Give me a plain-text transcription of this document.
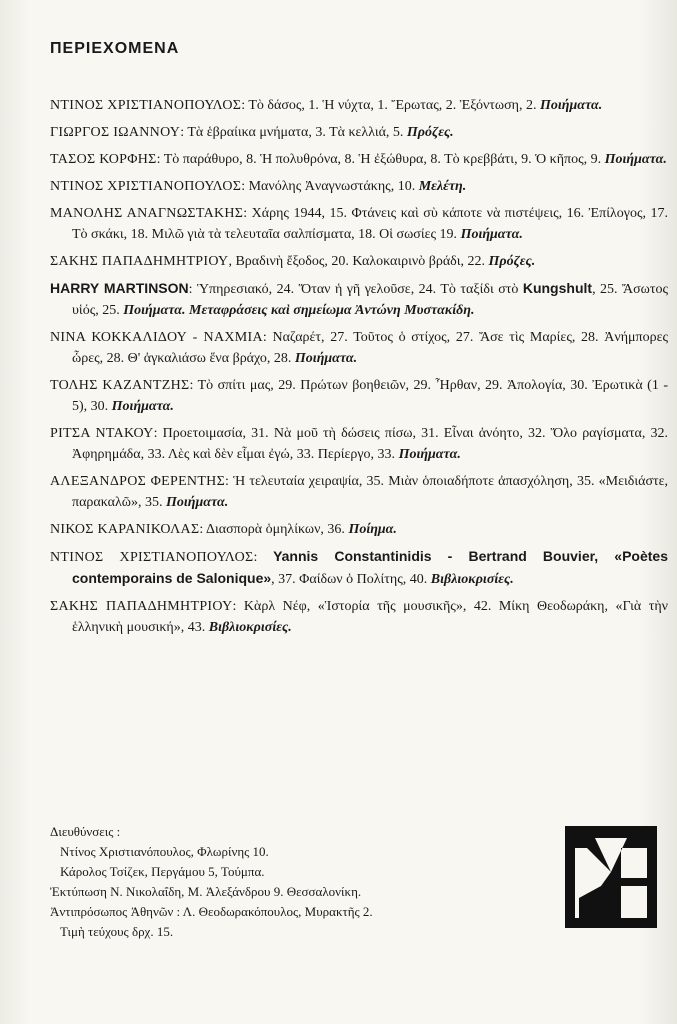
ΠΕΡΙΕΧΟΜΕΝΑ
ΝΤΙΝΟΣ ΧΡΙΣΤΙΑΝΟΠΟΥΛΟΣ: Τὸ δάσος, 1. Ἡ νύχτα, 1. Ἔρωτας, 2. Ἐξόντωση, 2. Ποιήματα.
ΓΙΩΡΓΟΣ ΙΩΑΝΝΟΥ: Τὰ ἑβραίικα μνήματα, 3. Τὰ κελλιά, 5. Πρόζες.
ΤΑΣΟΣ ΚΟΡΦΗΣ: Τὸ παράθυρο, 8. Ἡ πολυθρόνα, 8. Ἡ ἐξώθυρα, 8. Τὸ κρεββάτι, 9. Ὁ κῆπος, 9. Ποιήματα.
ΝΤΙΝΟΣ ΧΡΙΣΤΙΑΝΟΠΟΥΛΟΣ: Μανόλης Ἀναγνωστάκης, 10. Μελέτη.
ΜΑΝΟΛΗΣ ΑΝΑΓΝΩΣΤΑΚΗΣ: Χάρης 1944, 15. Φτάνεις καὶ σὺ κάποτε νὰ πιστέψεις, 16. Ἐπίλογος, 17. Τὸ σκάκι, 18. Μιλῶ γιὰ τὰ τελευταῖα σαλπίσματα, 18. Οἱ σωσίες 19. Ποιήματα.
ΣΑΚΗΣ ΠΑΠΑΔΗΜΗΤΡΙΟΥ, Βραδινὴ ἔξοδος, 20. Καλοκαιρινὸ βράδι, 22. Πρόζες.
HARRY MARTINSON: Ὑπηρεσιακό, 24. Ὅταν ἡ γῆ γελοῦσε, 24. Τὸ ταξίδι στὸ Kungshult, 25. Ἄσωτος υἱός, 25. Ποιήματα. Μεταφράσεις καὶ σημείωμα Ἀντώνη Μυστακίδη.
ΝΙΝΑ ΚΟΚΚΑΛΙΔΟΥ - ΝΑΧΜΙΑ: Ναζαρέτ, 27. Τοῦτος ὁ στίχος, 27. Ἄσε τὶς Μαρίες, 28. Ἀνήμπορες ὧρες, 28. Θ' ἀγκαλιάσω ἕνα βράχο, 28. Ποιήματα.
ΤΟΛΗΣ ΚΑΖΑΝΤΖΗΣ: Τὸ σπίτι μας, 29. Πρώτων βοηθειῶν, 29. Ἦρθαν, 29. Ἀπολογία, 30. Ἐρωτικὰ (1 - 5), 30. Ποιήματα.
ΡΙΤΣΑ ΝΤΑΚΟΥ: Προετοιμασία, 31. Νὰ μοῦ τὴ δώσεις πίσω, 31. Εἶναι ἀνόητο, 32. Ὅλο ραγίσματα, 32. Ἀφηρημάδα, 33. Λὲς καὶ δὲν εἶμαι ἐγώ, 33. Περίεργο, 33. Ποιήματα.
ΑΛΕΞΑΝΔΡΟΣ ΦΕΡΕΝΤΗΣ: Ἡ τελευταία χειραψία, 35. Μιὰν ὁποιαδήποτε ἀπασχόληση, 35. «Μειδιάστε, παρακαλῶ», 35. Ποιήματα.
ΝΙΚΟΣ ΚΑΡΑΝΙΚΟΛΑΣ: Διασπορὰ ὁμηλίκων, 36. Ποίημα.
ΝΤΙΝΟΣ ΧΡΙΣΤΙΑΝΟΠΟΥΛΟΣ: Yannis Constantinidis - Bertrand Bouvier, «Poètes contemporains de Salonique», 37. Φαίδων ὁ Πολίτης, 40. Βιβλιοκρισίες.
ΣΑΚΗΣ ΠΑΠΑΔΗΜΗΤΡΙΟΥ: Κὰρλ Νέφ, «Ἱστορία τῆς μουσικῆς», 42. Μίκη Θεοδωράκη, «Γιὰ τὴν ἑλληνικὴ μουσική», 43. Βιβλιοκρισίες.
Διευθύνσεις :
Ντίνος Χριστιανόπουλος, Φλωρίνης 10.
Κάρολος Τσίζεκ, Περγάμου 5, Τούμπα.
Ἐκτύπωση Ν. Νικολαΐδη, Μ. Ἀλεξάνδρου 9. Θεσσαλονίκη.
Ἀντιπρόσωπος Ἀθηνῶν : Λ. Θεοδωρακόπουλος, Μυρακτῆς 2.
Τιμὴ τεύχους δρχ. 15.
